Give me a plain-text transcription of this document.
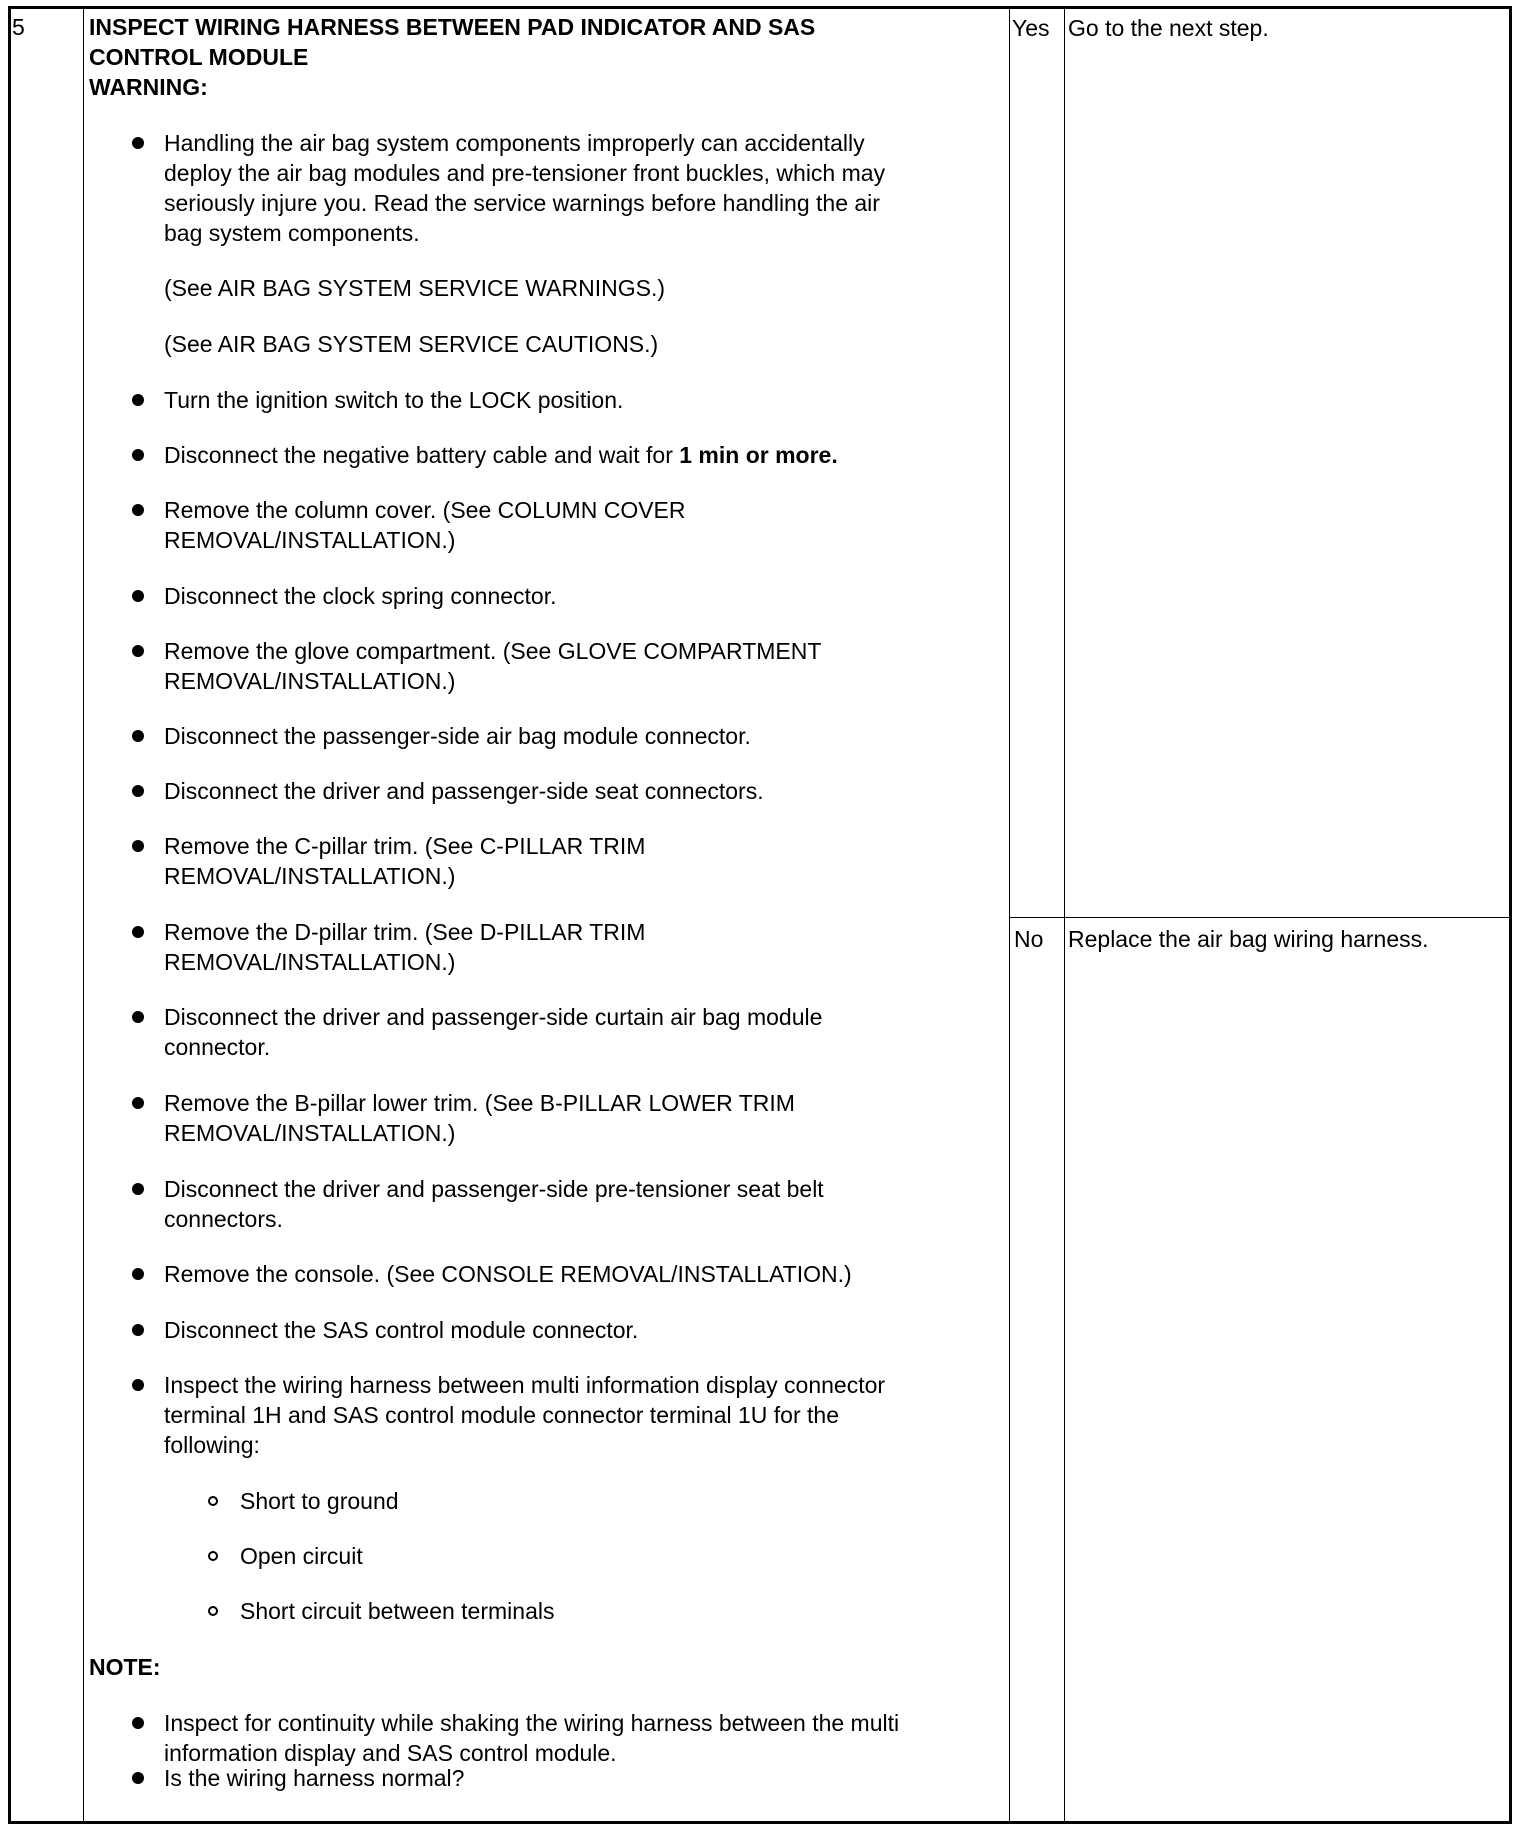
5	INSPECT WIRING HARNESS BETWEEN PAD INDICATOR AND SAS
CONTROL MODULE
WARNING:
Handling the air bag system components improperly can accidentally
deploy the air bag modules and pre-tensioner front buckles, which may
seriously injure you. Read the service warnings before handling the air
bag system components.
(See AIR BAG SYSTEM SERVICE WARNINGS.)
(See AIR BAG SYSTEM SERVICE CAUTIONS.)
Turn the ignition switch to the LOCK position.
Disconnect the negative battery cable and wait for 1 min or more.
Remove the column cover. (See COLUMN COVER
REMOVAL/INSTALLATION.)
Disconnect the clock spring connector.
Remove the glove compartment. (See GLOVE COMPARTMENT
REMOVAL/INSTALLATION.)
Disconnect the passenger-side air bag module connector.
Disconnect the driver and passenger-side seat connectors.
Remove the C-pillar trim. (See C-PILLAR TRIM
REMOVAL/INSTALLATION.)
Remove the D-pillar trim. (See D-PILLAR TRIM
REMOVAL/INSTALLATION.)
Disconnect the driver and passenger-side curtain air bag module
connector.
Remove the B-pillar lower trim. (See B-PILLAR LOWER TRIM
REMOVAL/INSTALLATION.)
Disconnect the driver and passenger-side pre-tensioner seat belt
connectors.
Remove the console. (See CONSOLE REMOVAL/INSTALLATION.)
Disconnect the SAS control module connector.
Inspect the wiring harness between multi information display connector
terminal 1H and SAS control module connector terminal 1U for the
following:
Short to ground
Open circuit
Short circuit between terminals
NOTE:
Inspect for continuity while shaking the wiring harness between the multi
information display and SAS control module.
Is the wiring harness normal?
Yes Go to the next step.
No Replace the air bag wiring harness.
